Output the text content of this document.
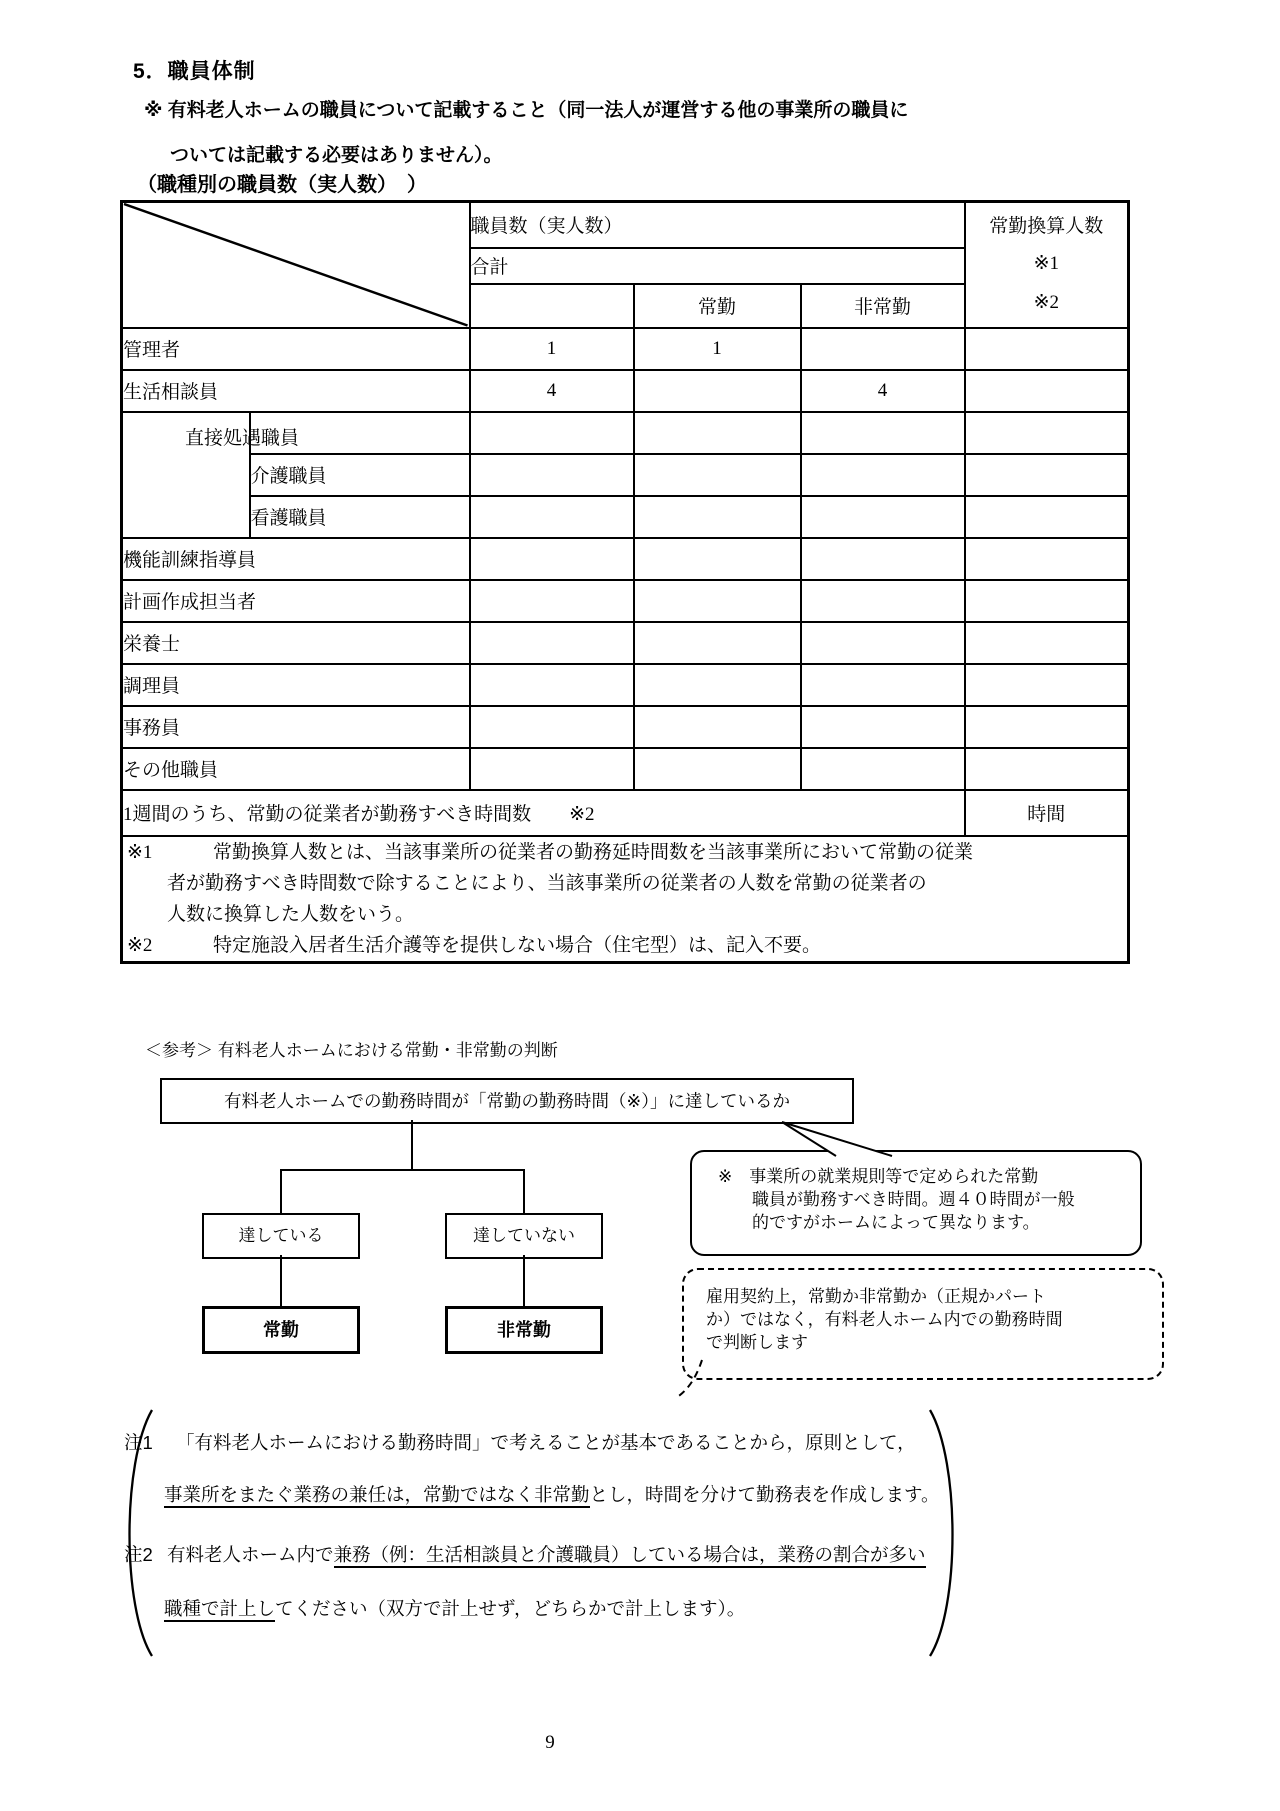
5．職員体制
※ 有料老人ホームの職員について記載すること（同一法人が運営する他の事業所の職員に
ついては記載する必要はありません）。
（職種別の職員数（実人数）　）
	職員数（実人数）			常勤換算人数
※1
※2

		合計			
			常勤	非常勤	
管理者		1	1		
生活相談員		4		4	

直接処遇職員					

	介護職員				
	看護職員				
機能訓練指導員					
計画作成担当者					
栄養士					
調理員					
事務員					
その他職員					
1週間のうち、常勤の従業者が勤務すべき時間数 ※2					時間

※1 常勤換算人数とは、当該事業所の従業者の勤務延時間数を当該事業所において常勤の従業
者が勤務すべき時間数で除することにより、当該事業所の従業者の人数を常勤の従業者の
人数に換算した人数をいう。
※2 特定施設入居者生活介護等を提供しない場合（住宅型）は、記入不要。					
＜参考＞ 有料老人ホームにおける常勤・非常勤の判断
有料老人ホームでの勤務時間が「常勤の勤務時間（※）」に達しているか
達している	達していない
常勤	非常勤
※　事業所の就業規則等で定められた常勤
職員が勤務すべき時間。週４０時間が一般
的ですがホームによって異なります。
雇用契約上，常勤か非常勤か（正規かパート
か）ではなく，有料老人ホーム内での勤務時間
で判断します
注1 「有料老人ホームにおける勤務時間」で考えることが基本であることから，原則として，
事業所をまたぐ業務の兼任は，常勤ではなく非常勤とし，時間を分けて勤務表を作成します。
注2 有料老人ホーム内で兼務（例：生活相談員と介護職員）している場合は，業務の割合が多い
職種で計上してください（双方で計上せず，どちらかで計上します）。
9
